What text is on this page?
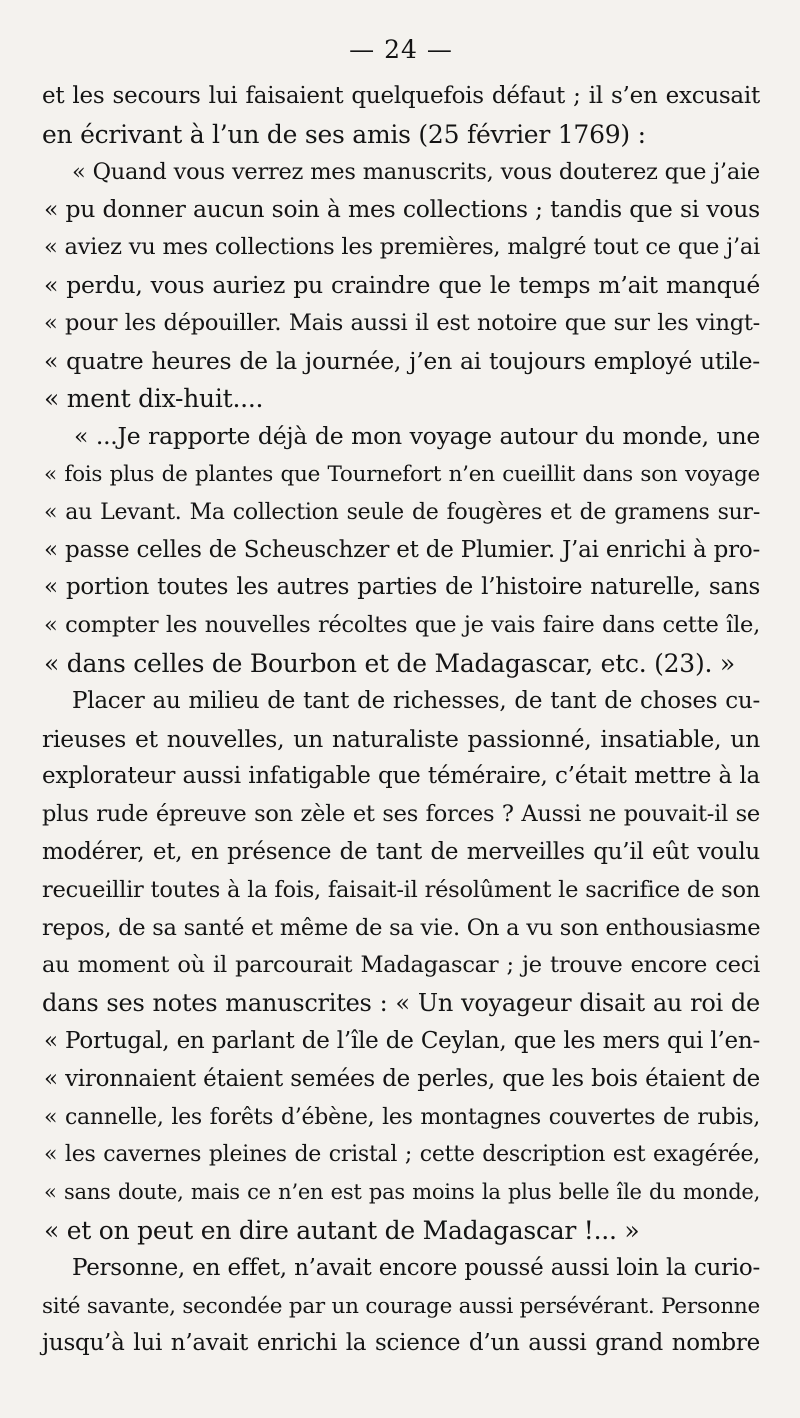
— 24 —
et les secours lui faisaient quelquefois défaut ; il s’en excusait
en écrivant à l’un de ses amis (25 février 1769) :
« Quand vous verrez mes manuscrits, vous douterez que j’aie
« pu donner aucun soin à mes collections ; tandis que si vous
« aviez vu mes collections les premières, malgré tout ce que j’ai
« perdu, vous auriez pu craindre que le temps m’ait manqué
« pour les dépouiller. Mais aussi il est notoire que sur les vingt-
« quatre heures de la journée, j’en ai toujours employé utile-
« ment dix-huit....
« ...Je rapporte déjà de mon voyage autour du monde, une
« fois plus de plantes que Tournefort n’en cueillit dans son voyage
« au Levant. Ma collection seule de fougères et de gramens sur-
« passe celles de Scheuschzer et de Plumier. J’ai enrichi à pro-
« portion toutes les autres parties de l’histoire naturelle, sans
« compter les nouvelles récoltes que je vais faire dans cette île,
« dans celles de Bourbon et de Madagascar, etc. (23). »
Placer au milieu de tant de richesses, de tant de choses cu-
rieuses et nouvelles, un naturaliste passionné, insatiable, un
explorateur aussi infatigable que téméraire, c’était mettre à la
plus rude épreuve son zèle et ses forces ? Aussi ne pouvait-il se
modérer, et, en présence de tant de merveilles qu’il eût voulu
recueillir toutes à la fois, faisait-il résolûment le sacrifice de son
repos, de sa santé et même de sa vie. On a vu son enthousiasme
au moment où il parcourait Madagascar ; je trouve encore ceci
dans ses notes manuscrites : « Un voyageur disait au roi de
« Portugal, en parlant de l’île de Ceylan, que les mers qui l’en-
« vironnaient étaient semées de perles, que les bois étaient de
« cannelle, les forêts d’ébène, les montagnes couvertes de rubis,
« les cavernes pleines de cristal ; cette description est exagérée,
« sans doute, mais ce n’en est pas moins la plus belle île du monde,
« et on peut en dire autant de Madagascar !... »
Personne, en effet, n’avait encore poussé aussi loin la curio-
sité savante, secondée par un courage aussi persévérant. Personne
jusqu’à lui n’avait enrichi la science d’un aussi grand nombre
